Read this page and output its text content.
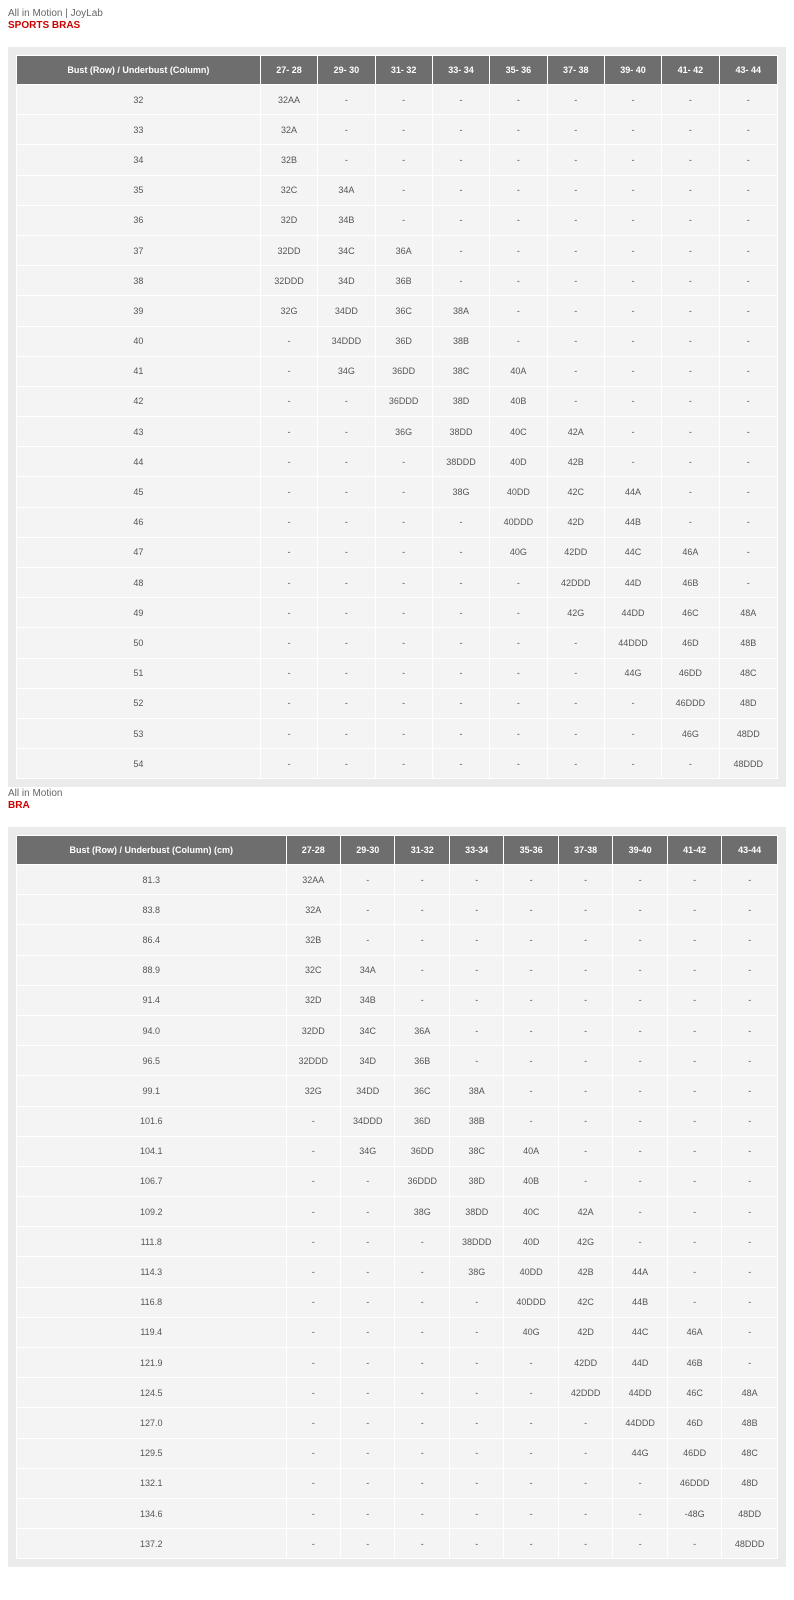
All in Motion | JoyLab
SPORTS BRAS
Bust (Row) / Underbust (Column)	27- 28	29- 30	31- 32	33- 34	35- 36	37- 38	39- 40	41- 42	43- 44
32	32AA	-	-	-	-	-	-	-	-
33	32A	-	-	-	-	-	-	-	-
34	32B	-	-	-	-	-	-	-	-
35	32C	34A	-	-	-	-	-	-	-
36	32D	34B	-	-	-	-	-	-	-
37	32DD	34C	36A	-	-	-	-	-	-
38	32DDD	34D	36B	-	-	-	-	-	-
39	32G	34DD	36C	38A	-	-	-	-	-
40	-	34DDD	36D	38B	-	-	-	-	-
41	-	34G	36DD	38C	40A	-	-	-	-
42	-	-	36DDD	38D	40B	-	-	-	-
43	-	-	36G	38DD	40C	42A	-	-	-
44	-	-	-	38DDD	40D	42B	-	-	-
45	-	-	-	38G	40DD	42C	44A	-	-
46	-	-	-	-	40DDD	42D	44B	-	-
47	-	-	-	-	40G	42DD	44C	46A	-
48	-	-	-	-	-	42DDD	44D	46B	-
49	-	-	-	-	-	42G	44DD	46C	48A
50	-	-	-	-	-	-	44DDD	46D	48B
51	-	-	-	-	-	-	44G	46DD	48C
52	-	-	-	-	-	-	-	46DDD	48D
53	-	-	-	-	-	-	-	46G	48DD
54	-	-	-	-	-	-	-	-	48DDD
All in Motion
BRA
Bust (Row) / Underbust (Column) (cm)	27-28	29-30	31-32	33-34	35-36	37-38	39-40	41-42	43-44
81.3	32AA	-	-	-	-	-	-	-	-
83.8	32A	-	-	-	-	-	-	-	-
86.4	32B	-	-	-	-	-	-	-	-
88.9	32C	34A	-	-	-	-	-	-	-
91.4	32D	34B	-	-	-	-	-	-	-
94.0	32DD	34C	36A	-	-	-	-	-	-
96.5	32DDD	34D	36B	-	-	-	-	-	-
99.1	32G	34DD	36C	38A	-	-	-	-	-
101.6	-	34DDD	36D	38B	-	-	-	-	-
104.1	-	34G	36DD	38C	40A	-	-	-	-
106.7	-	-	36DDD	38D	40B	-	-	-	-
109.2	-	-	38G	38DD	40C	42A	-	-	-
111.8	-	-	-	38DDD	40D	42G	-	-	-
114.3	-	-	-	38G	40DD	42B	44A	-	-
116.8	-	-	-	-	40DDD	42C	44B	-	-
119.4	-	-	-	-	40G	42D	44C	46A	-
121.9	-	-	-	-	-	42DD	44D	46B	-
124.5	-	-	-	-	-	42DDD	44DD	46C	48A
127.0	-	-	-	-	-	-	44DDD	46D	48B
129.5	-	-	-	-	-	-	44G	46DD	48C
132.1	-	-	-	-	-	-	-	46DDD	48D
134.6	-	-	-	-	-	-	-	-48G	48DD
137.2	-	-	-	-	-	-	-	-	48DDD
